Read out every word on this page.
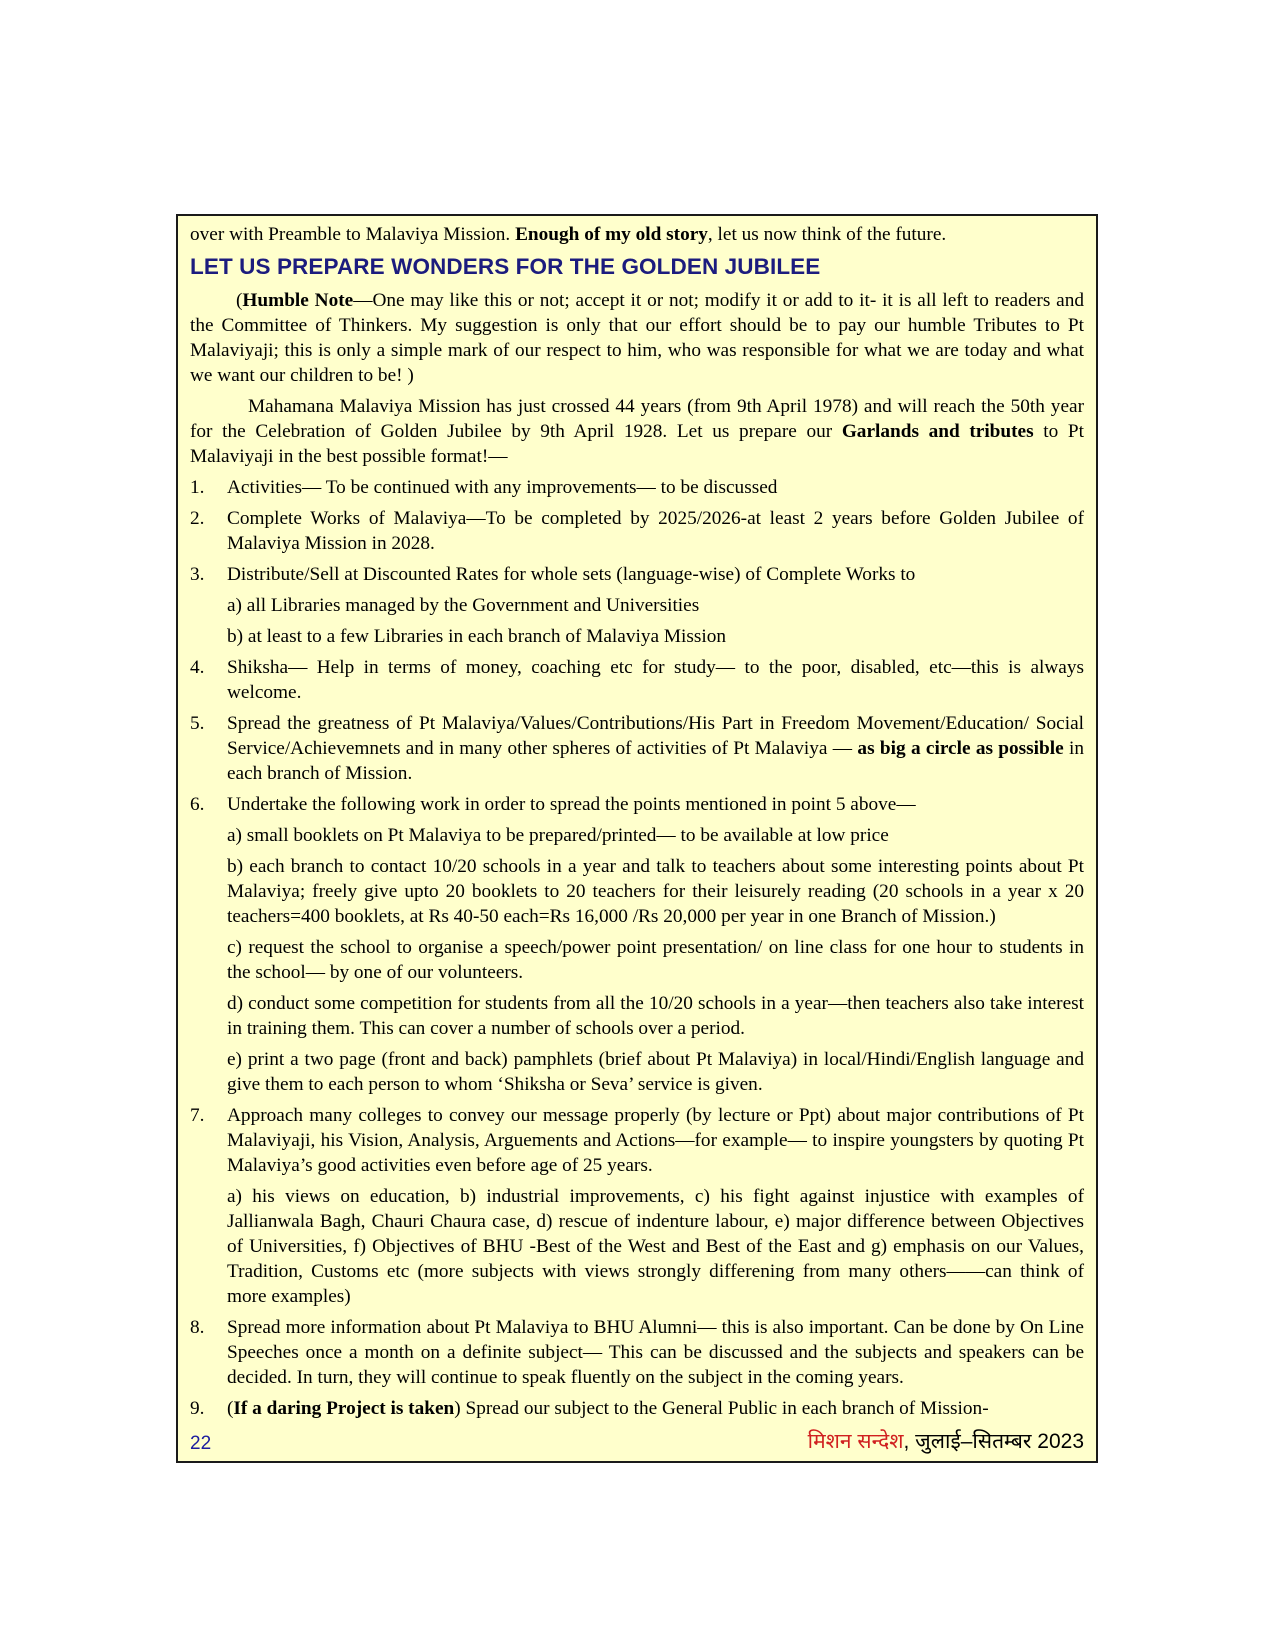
over with Preamble to Malaviya Mission. Enough of my old story, let us now think of the future.

LET US PREPARE WONDERS FOR THE GOLDEN JUBILEE

(Humble Note—One may like this or not; accept it or not; modify it or add to it- it is all left to readers and the Committee of Thinkers. My suggestion is only that our effort should be to pay our humble Tributes to Pt Malaviyaji; this is only a simple mark of our respect to him, who was responsible for what we are today and what we want our children to be! )

Mahamana Malaviya Mission has just crossed 44 years (from 9th April 1978) and will reach the 50th year for the Celebration of Golden Jubilee by 9th April 1928. Let us prepare our Garlands and tributes to Pt Malaviyaji in the best possible format!—

1.	Activities— To be continued with any improvements— to be discussed
2.	Complete Works of Malaviya—To be completed by 2025/2026-at least 2 years before Golden Jubilee of Malaviya Mission in 2028.
3.	Distribute/Sell at Discounted Rates for whole sets (language-wise) of Complete Works to
a) all Libraries managed by the Government and Universities
b) at least to a few Libraries in each branch of Malaviya Mission
4.	Shiksha— Help in terms of money, coaching etc for study— to the poor, disabled, etc—this is always welcome.
5.	Spread the greatness of Pt Malaviya/Values/Contributions/His Part in Freedom Movement/Education/ Social Service/Achievemnets and in many other spheres of activities of Pt Malaviya — as big a circle as possible in each branch of Mission.
6.	Undertake the following work in order to spread the points mentioned in point 5 above—
a) small booklets on Pt Malaviya to be prepared/printed— to be available at low price
b) each branch to contact 10/20 schools in a year and talk to teachers about some interesting points about Pt Malaviya; freely give upto 20 booklets to 20 teachers for their leisurely reading (20 schools in a year x 20 teachers=400 booklets, at Rs 40-50 each=Rs 16,000 /Rs 20,000 per year in one Branch of Mission.)
c) request the school to organise a speech/power point presentation/ on line class for one hour to students in the school— by one of our volunteers.
d) conduct some competition for students from all the 10/20 schools in a year—then teachers also take interest in training them. This can cover a number of schools over a period.
e) print a two page (front and back) pamphlets (brief about Pt Malaviya) in local/Hindi/English language and give them to each person to whom ‘Shiksha or Seva’ service is given.
7.	Approach many colleges to convey our message properly (by lecture or Ppt) about major contributions of Pt Malaviyaji, his Vision, Analysis, Arguements and Actions—for example— to inspire youngsters by quoting Pt Malaviya’s good activities even before age of 25 years.
a) his views on education, b) industrial improvements, c) his fight against injustice with examples of Jallianwala Bagh, Chauri Chaura case, d) rescue of indenture labour, e) major difference between Objectives of Universities, f) Objectives of BHU -Best of the West and Best of the East and g) emphasis on our Values, Tradition, Customs etc (more subjects with views strongly differening from many others——can think of more examples)
8.	Spread more information about Pt Malaviya to BHU Alumni— this is also important. Can be done by On Line Speeches once a month on a definite subject— This can be discussed and the subjects and speakers can be decided. In turn, they will continue to speak fluently on the subject in the coming years.
9.	(If a daring Project is taken) Spread our subject to the General Public in each branch of Mission-
22	मिशन सन्देश, जुलाई–सितम्बर 2023
